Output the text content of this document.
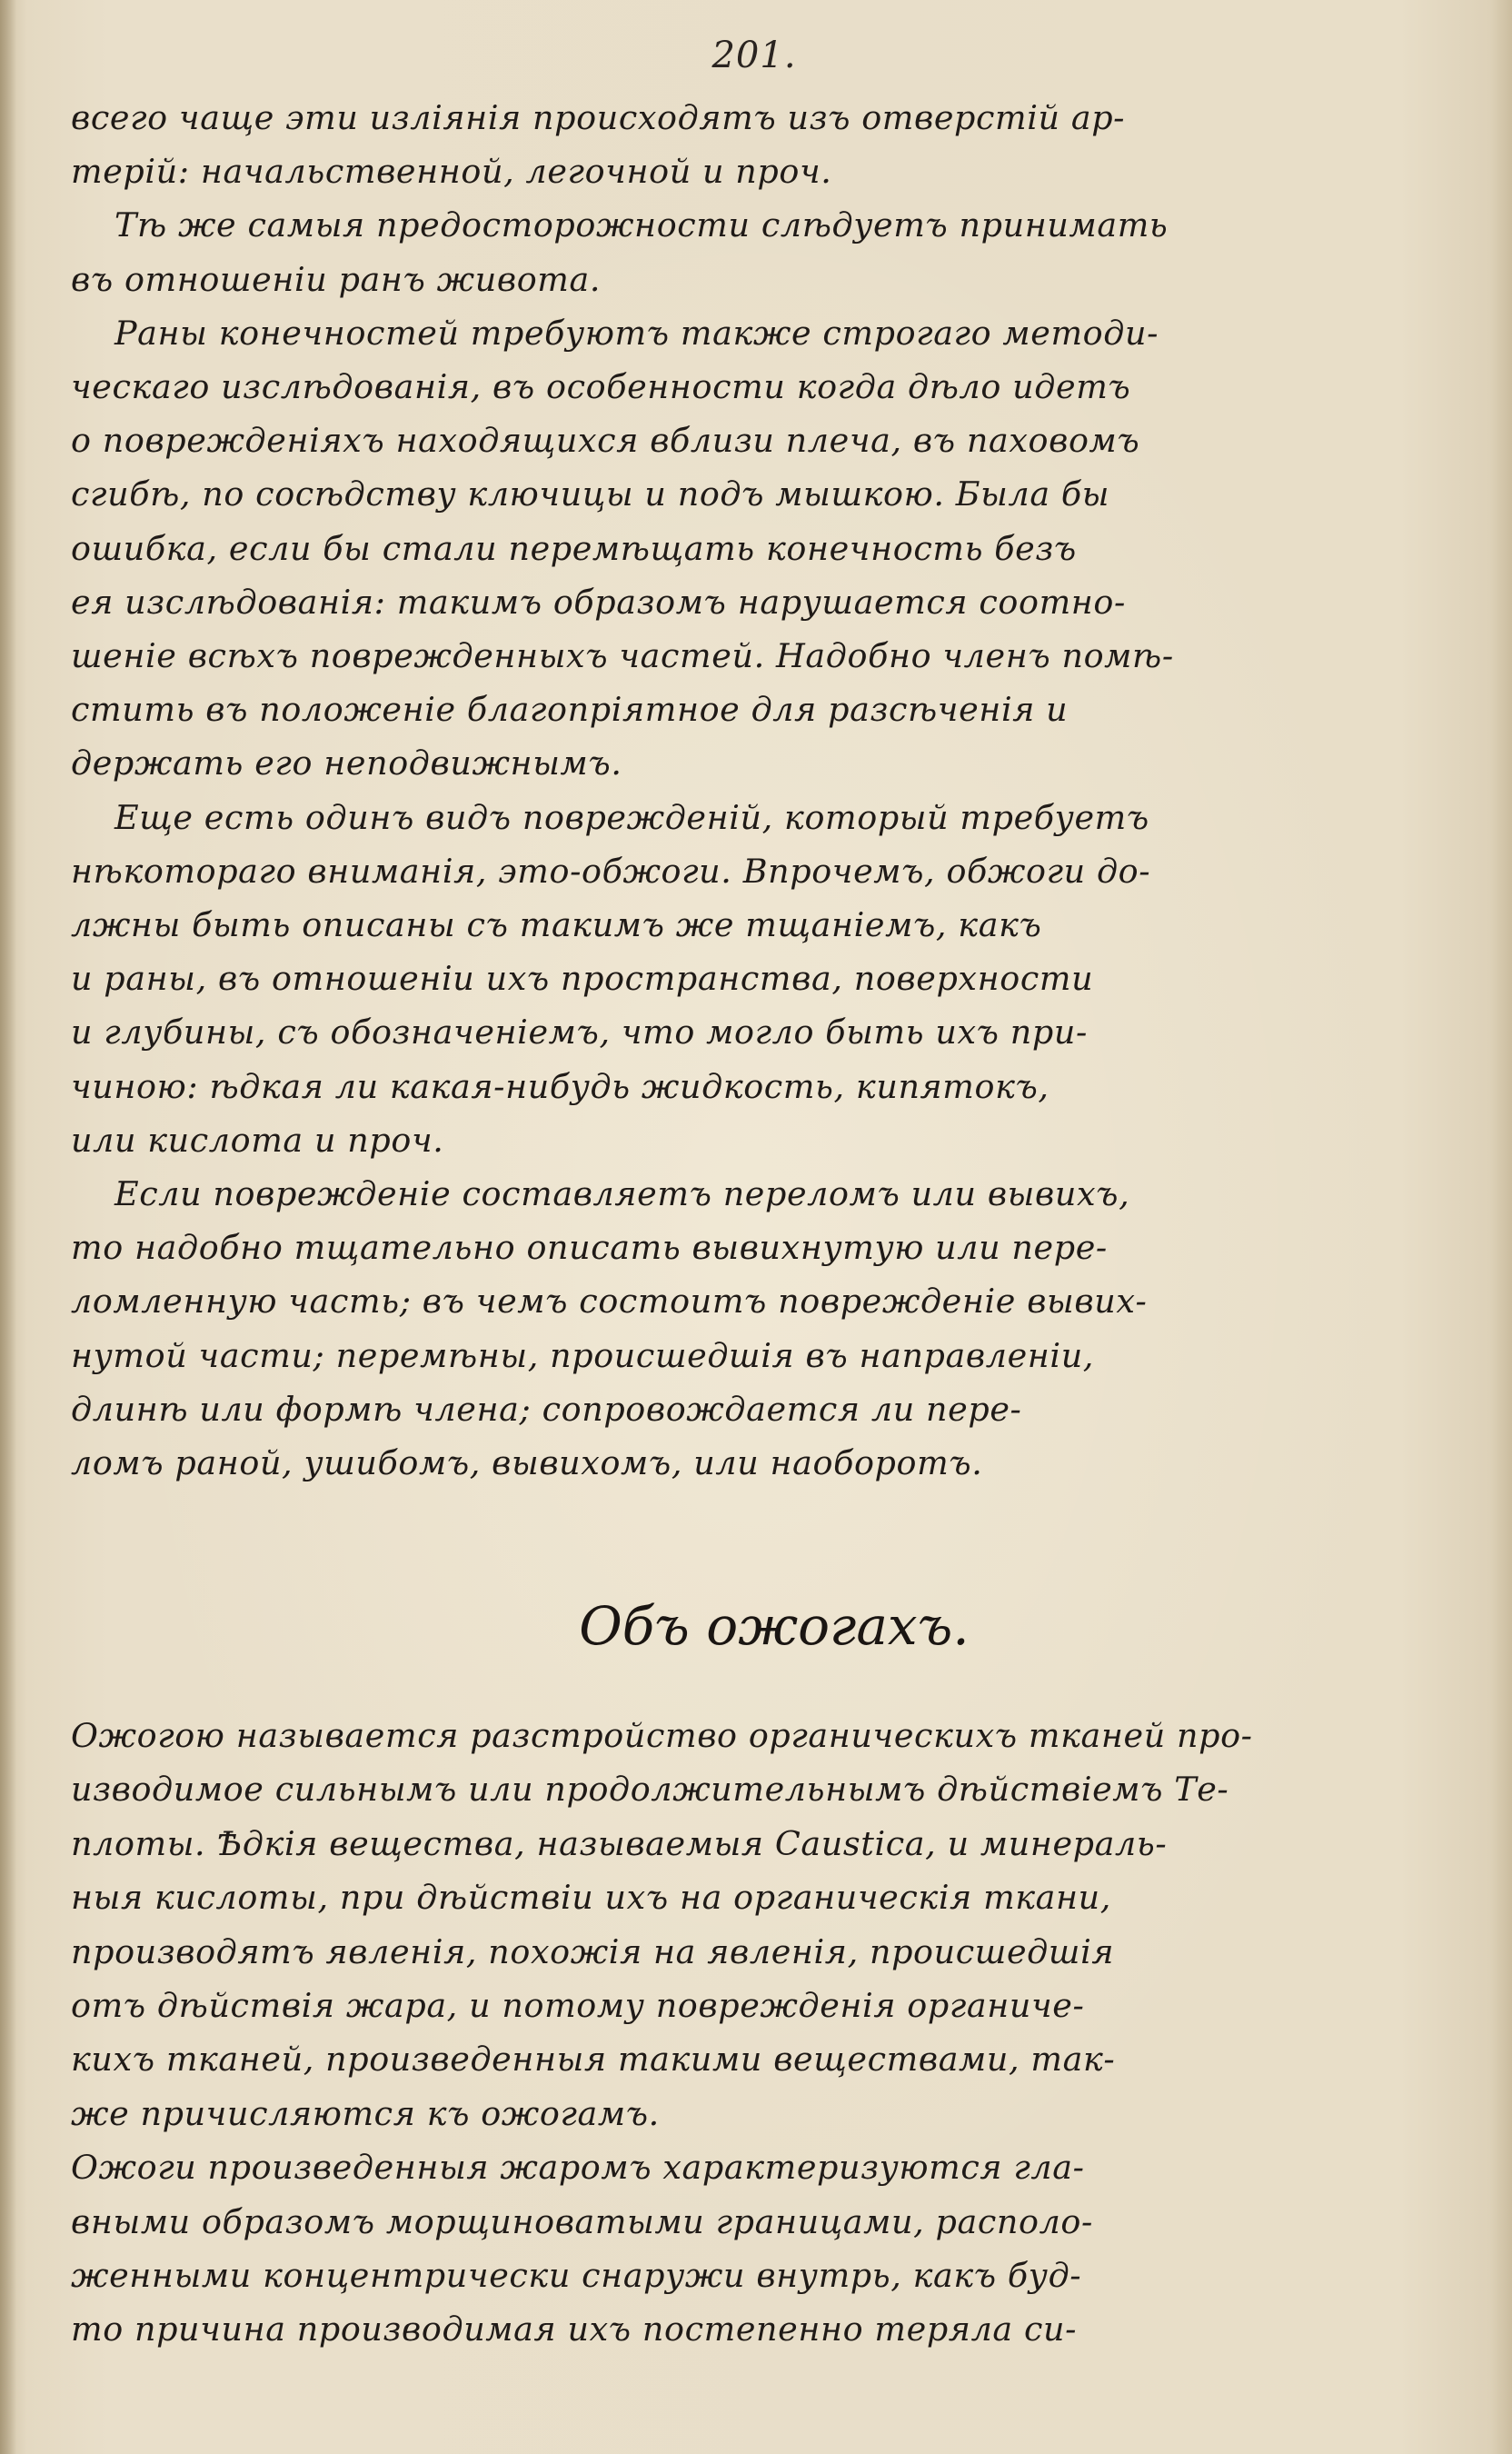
201.
всего чаще эти изліянія происходятъ изъ отверстій ар-
терій: начальственной, легочной и проч.
Тѣ же самыя предосторожности слѣдуетъ принимать
въ отношеніи ранъ живота.
Раны конечностей требуютъ также строгаго методи-
ческаго изслѣдованія, въ особенности когда дѣло идетъ
о поврежденіяхъ находящихся вблизи плеча, въ паховомъ
сгибѣ, по сосѣдству ключицы и подъ мышкою. Была бы
ошибка, если бы стали перемѣщать конечность безъ
ея изслѣдованія: такимъ образомъ нарушается соотно-
шеніе всѣхъ поврежденныхъ частей. Надобно членъ помѣ-
стить въ положеніе благопріятное для разсѣченія и
держать его неподвижнымъ.
Еще есть одинъ видъ поврежденій, который требуетъ
нѣкотораго вниманія, это-обжоги. Впрочемъ, обжоги до-
лжны быть описаны съ такимъ же тщаніемъ, какъ
и раны, въ отношеніи ихъ пространства, поверхности
и глубины, съ обозначеніемъ, что могло быть ихъ при-
чиною: ѣдкая ли какая-нибудь жидкость, кипятокъ,
или кислота и проч.
Если поврежденіе составляетъ переломъ или вывихъ,
то надобно тщательно описать вывихнутую или пере-
ломленную часть; въ чемъ состоитъ поврежденіе вывих-
нутой части; перемѣны, происшедшія въ направленіи,
длинѣ или формѣ члена; сопровождается ли пере-
ломъ раной, ушибомъ, вывихомъ, или наоборотъ.
Объ ожогахъ.
Ожогою называется разстройство органическихъ тканей про-
изводимое сильнымъ или продолжительнымъ дѣйствіемъ Те-
плоты. Ѣдкія вещества, называемыя Caustica, и минераль-
ныя кислоты, при дѣйствіи ихъ на органическія ткани,
производятъ явленія, похожія на явленія, происшедшія
отъ дѣйствія жара, и потому поврежденія органиче-
кихъ тканей, произведенныя такими веществами, так-
же причисляются къ ожогамъ.
Ожоги произведенныя жаромъ характеризуются гла-
вными образомъ морщиноватыми границами, располо-
женными концентрически снаружи внутрь, какъ буд-
то причина производимая ихъ постепенно теряла си-
